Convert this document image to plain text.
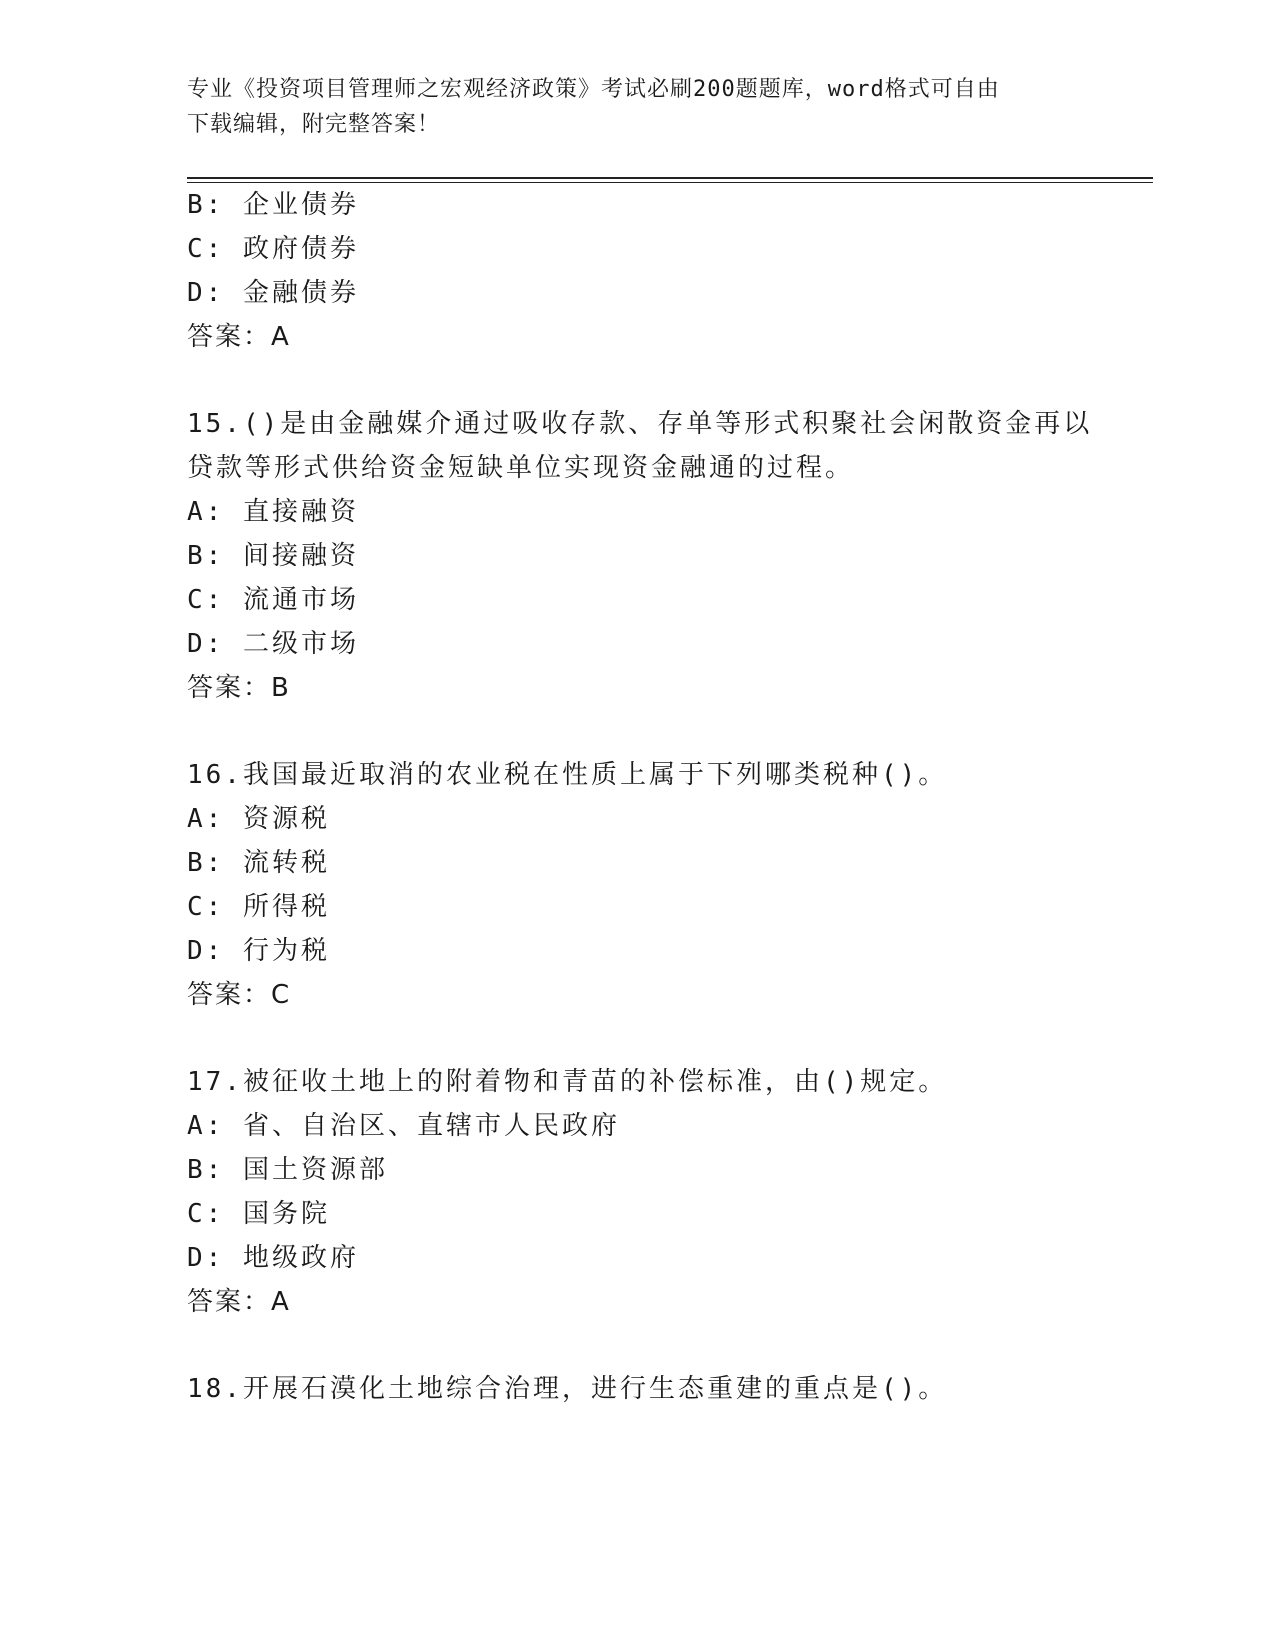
专业《投资项目管理师之宏观经济政策》考试必刷200题题库，word格式可自由
下载编辑，附完整答案！
B: 企业债券
C: 政府债券
D: 金融债券
答案：A
15.()是由金融媒介通过吸收存款、存单等形式积聚社会闲散资金再以
贷款等形式供给资金短缺单位实现资金融通的过程。
A: 直接融资
B: 间接融资
C: 流通市场
D: 二级市场
答案：B
16.我国最近取消的农业税在性质上属于下列哪类税种()。
A: 资源税
B: 流转税
C: 所得税
D: 行为税
答案：C
17.被征收土地上的附着物和青苗的补偿标准，由()规定。
A: 省、自治区、直辖市人民政府
B: 国土资源部
C: 国务院
D: 地级政府
答案：A
18.开展石漠化土地综合治理，进行生态重建的重点是()。
